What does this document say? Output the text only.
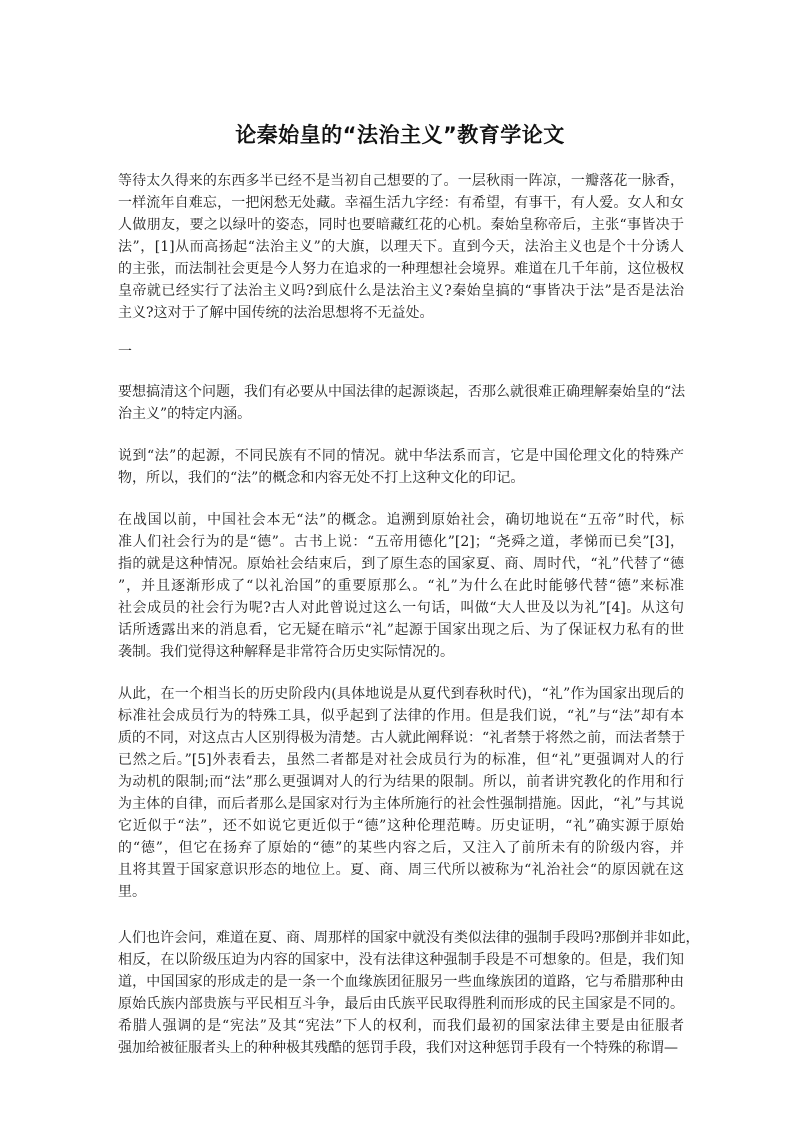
论秦始皇的“法治主义”教育学论文
等待太久得来的东西多半已经不是当初自己想要的了。一层秋雨一阵凉，一瓣落花一脉香，
一样流年自难忘，一把闲愁无处藏。幸福生活九字经：有希望，有事干，有人爱。女人和女
人做朋友，要之以绿叶的姿态，同时也要暗藏红花的心机。秦始皇称帝后，主张“事皆决于
法”，[1]从而高扬起“法治主义”的大旗，以理天下。直到今天，法治主义也是个十分诱人
的主张，而法制社会更是今人努力在追求的一种理想社会境界。难道在几千年前，这位极权
皇帝就已经实行了法治主义吗?到底什么是法治主义?秦始皇搞的“事皆决于法”是否是法治
主义?这对于了解中国传统的法治思想将不无益处。
一
要想搞清这个问题，我们有必要从中国法律的起源谈起，否那么就很难正确理解秦始皇的“法
治主义”的特定内涵。
说到“法”的起源，不同民族有不同的情况。就中华法系而言，它是中国伦理文化的特殊产
物，所以，我们的“法”的概念和内容无处不打上这种文化的印记。
在战国以前，中国社会本无“法”的概念。追溯到原始社会，确切地说在“五帝”时代，标
准人们社会行为的是“德”。古书上说：“五帝用德化”[2]；“尧舜之道，孝悌而已矣”[3]，
指的就是这种情况。原始社会结束后，到了原生态的国家夏、商、周时代，“礼”代替了“德
”，并且逐渐形成了“以礼治国”的重要原那么。“礼”为什么在此时能够代替“德”来标准
社会成员的社会行为呢?古人对此曾说过这么一句话，叫做“大人世及以为礼”[4]。从这句
话所透露出来的消息看，它无疑在暗示“礼”起源于国家出现之后、为了保证权力私有的世
袭制。我们觉得这种解释是非常符合历史实际情况的。
从此，在一个相当长的历史阶段内(具体地说是从夏代到春秋时代)，“礼”作为国家出现后的
标准社会成员行为的特殊工具，似乎起到了法律的作用。但是我们说，“礼”与“法”却有本
质的不同，对这点古人区别得极为清楚。古人就此阐释说：“礼者禁于将然之前，而法者禁于
已然之后。”[5]外表看去，虽然二者都是对社会成员行为的标准，但“礼”更强调对人的行
为动机的限制;而“法”那么更强调对人的行为结果的限制。所以，前者讲究教化的作用和行
为主体的自律，而后者那么是国家对行为主体所施行的社会性强制措施。因此，“礼”与其说
它近似于“法”，还不如说它更近似于“德”这种伦理范畴。历史证明，“礼”确实源于原始
的“德”，但它在扬弃了原始的“德”的某些内容之后，又注入了前所未有的阶级内容，并
且将其置于国家意识形态的地位上。夏、商、周三代所以被称为“礼治社会“的原因就在这
里。
人们也许会问，难道在夏、商、周那样的国家中就没有类似法律的强制手段吗?那倒并非如此，
相反，在以阶级压迫为内容的国家中，没有法律这种强制手段是不可想象的。但是，我们知
道，中国国家的形成走的是一条一个血缘族团征服另一些血缘族团的道路，它与希腊那种由
原始氏族内部贵族与平民相互斗争，最后由氏族平民取得胜利而形成的民主国家是不同的。
希腊人强调的是“宪法”及其“宪法”下人的权利，而我们最初的国家法律主要是由征服者
强加给被征服者头上的种种极其残酷的惩罚手段，我们对这种惩罚手段有一个特殊的称谓—
